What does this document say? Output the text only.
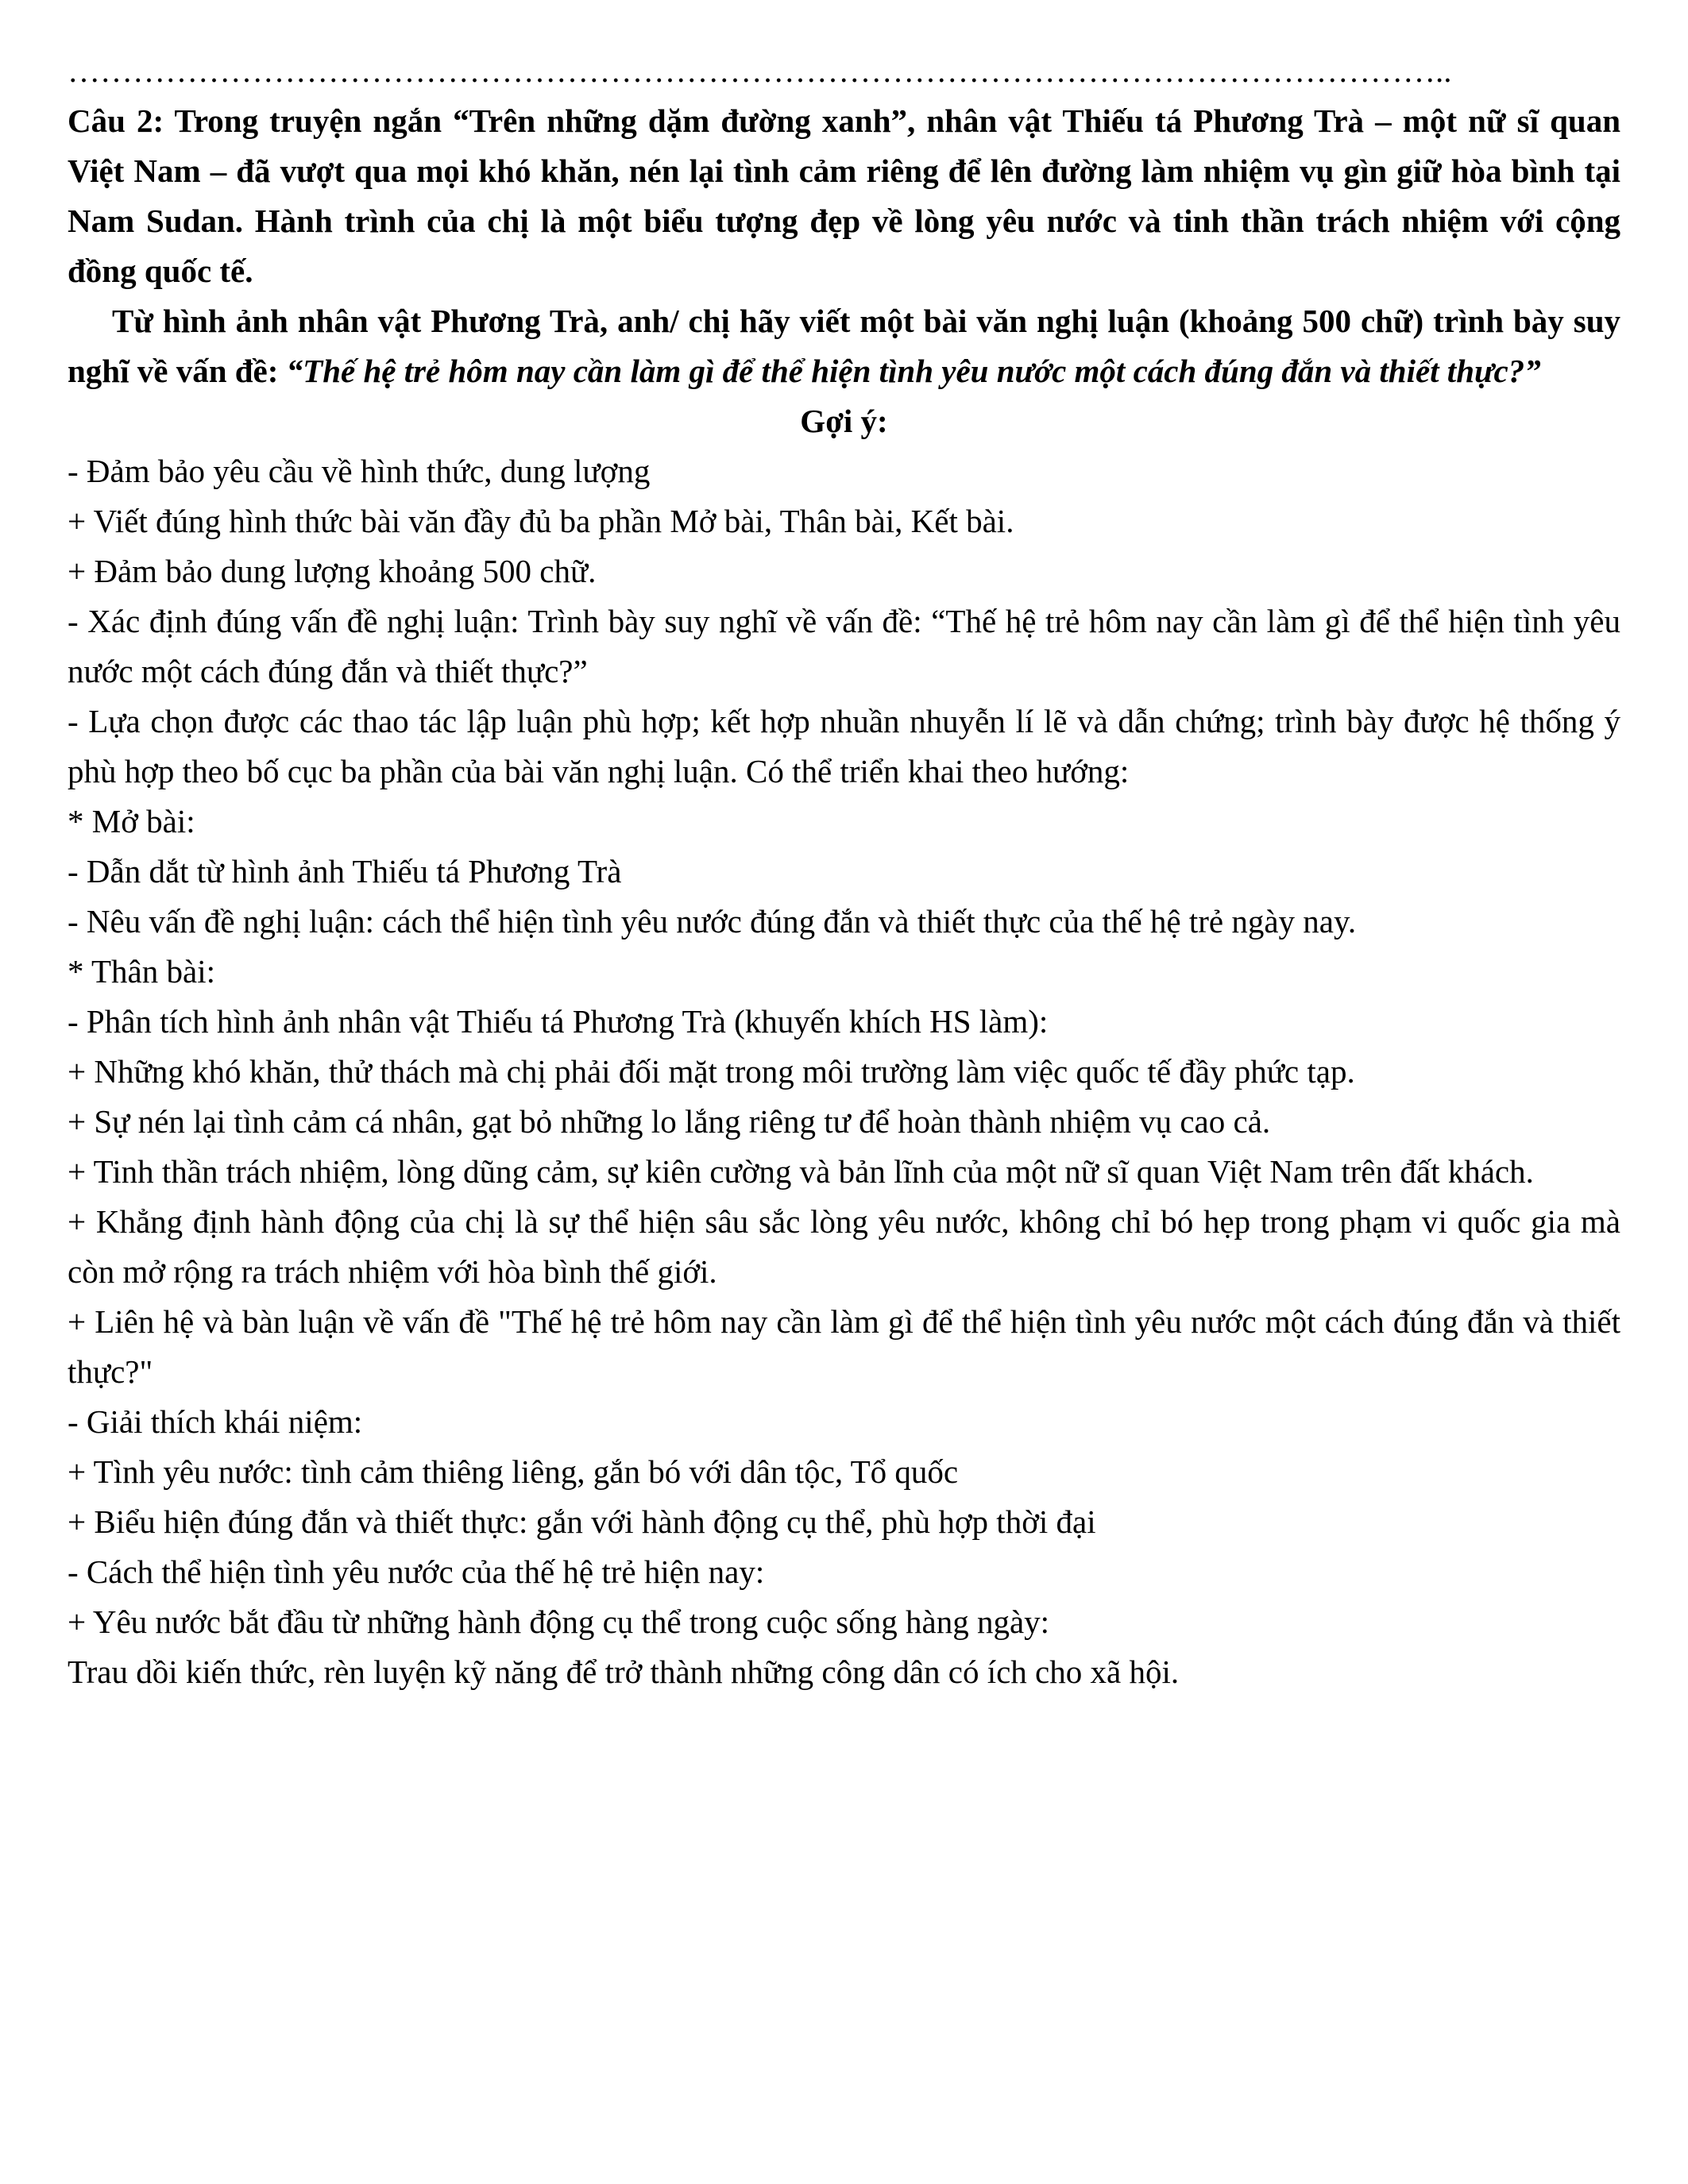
………………………………………………………………………………………………………………..

Câu 2: Trong truyện ngắn “Trên những dặm đường xanh”, nhân vật Thiếu tá Phương Trà – một nữ sĩ quan Việt Nam – đã vượt qua mọi khó khăn, nén lại tình cảm riêng để lên đường làm nhiệm vụ gìn giữ hòa bình tại Nam Sudan. Hành trình của chị là một biểu tượng đẹp về lòng yêu nước và tinh thần trách nhiệm với cộng đồng quốc tế.

Từ hình ảnh nhân vật Phương Trà, anh/ chị hãy viết một bài văn nghị luận (khoảng 500 chữ) trình bày suy nghĩ về vấn đề: “Thế hệ trẻ hôm nay cần làm gì để thể hiện tình yêu nước một cách đúng đắn và thiết thực?”

Gợi ý:

- Đảm bảo yêu cầu về hình thức, dung lượng

+ Viết đúng hình thức bài văn đầy đủ ba phần Mở bài, Thân bài, Kết bài.

+ Đảm bảo dung lượng khoảng 500 chữ.

- Xác định đúng vấn đề nghị luận: Trình bày suy nghĩ về vấn đề: “Thế hệ trẻ hôm nay cần làm gì để thể hiện tình yêu nước một cách đúng đắn và thiết thực?”

- Lựa chọn được các thao tác lập luận phù hợp; kết hợp nhuần nhuyễn lí lẽ và dẫn chứng; trình bày được hệ thống ý phù hợp theo bố cục ba phần của bài văn nghị luận. Có thể triển khai theo hướng:

* Mở bài:

- Dẫn dắt từ hình ảnh Thiếu tá Phương Trà

- Nêu vấn đề nghị luận: cách thể hiện tình yêu nước đúng đắn và thiết thực của thế hệ trẻ ngày nay.

* Thân bài:

- Phân tích hình ảnh nhân vật Thiếu tá Phương Trà (khuyến khích HS làm):

+ Những khó khăn, thử thách mà chị phải đối mặt trong môi trường làm việc quốc tế đầy phức tạp.

+ Sự nén lại tình cảm cá nhân, gạt bỏ những lo lắng riêng tư để hoàn thành nhiệm vụ cao cả.

+ Tinh thần trách nhiệm, lòng dũng cảm, sự kiên cường và bản lĩnh của một nữ sĩ quan Việt Nam trên đất khách.

+ Khẳng định hành động của chị là sự thể hiện sâu sắc lòng yêu nước, không chỉ bó hẹp trong phạm vi quốc gia mà còn mở rộng ra trách nhiệm với hòa bình thế giới.

+ Liên hệ và bàn luận về vấn đề "Thế hệ trẻ hôm nay cần làm gì để thể hiện tình yêu nước một cách đúng đắn và thiết thực?"

- Giải thích khái niệm:

+ Tình yêu nước: tình cảm thiêng liêng, gắn bó với dân tộc, Tổ quốc

+ Biểu hiện đúng đắn và thiết thực: gắn với hành động cụ thể, phù hợp thời đại

- Cách thể hiện tình yêu nước của thế hệ trẻ hiện nay:

+ Yêu nước bắt đầu từ những hành động cụ thể trong cuộc sống hàng ngày:

Trau dồi kiến thức, rèn luyện kỹ năng để trở thành những công dân có ích cho xã hội.
